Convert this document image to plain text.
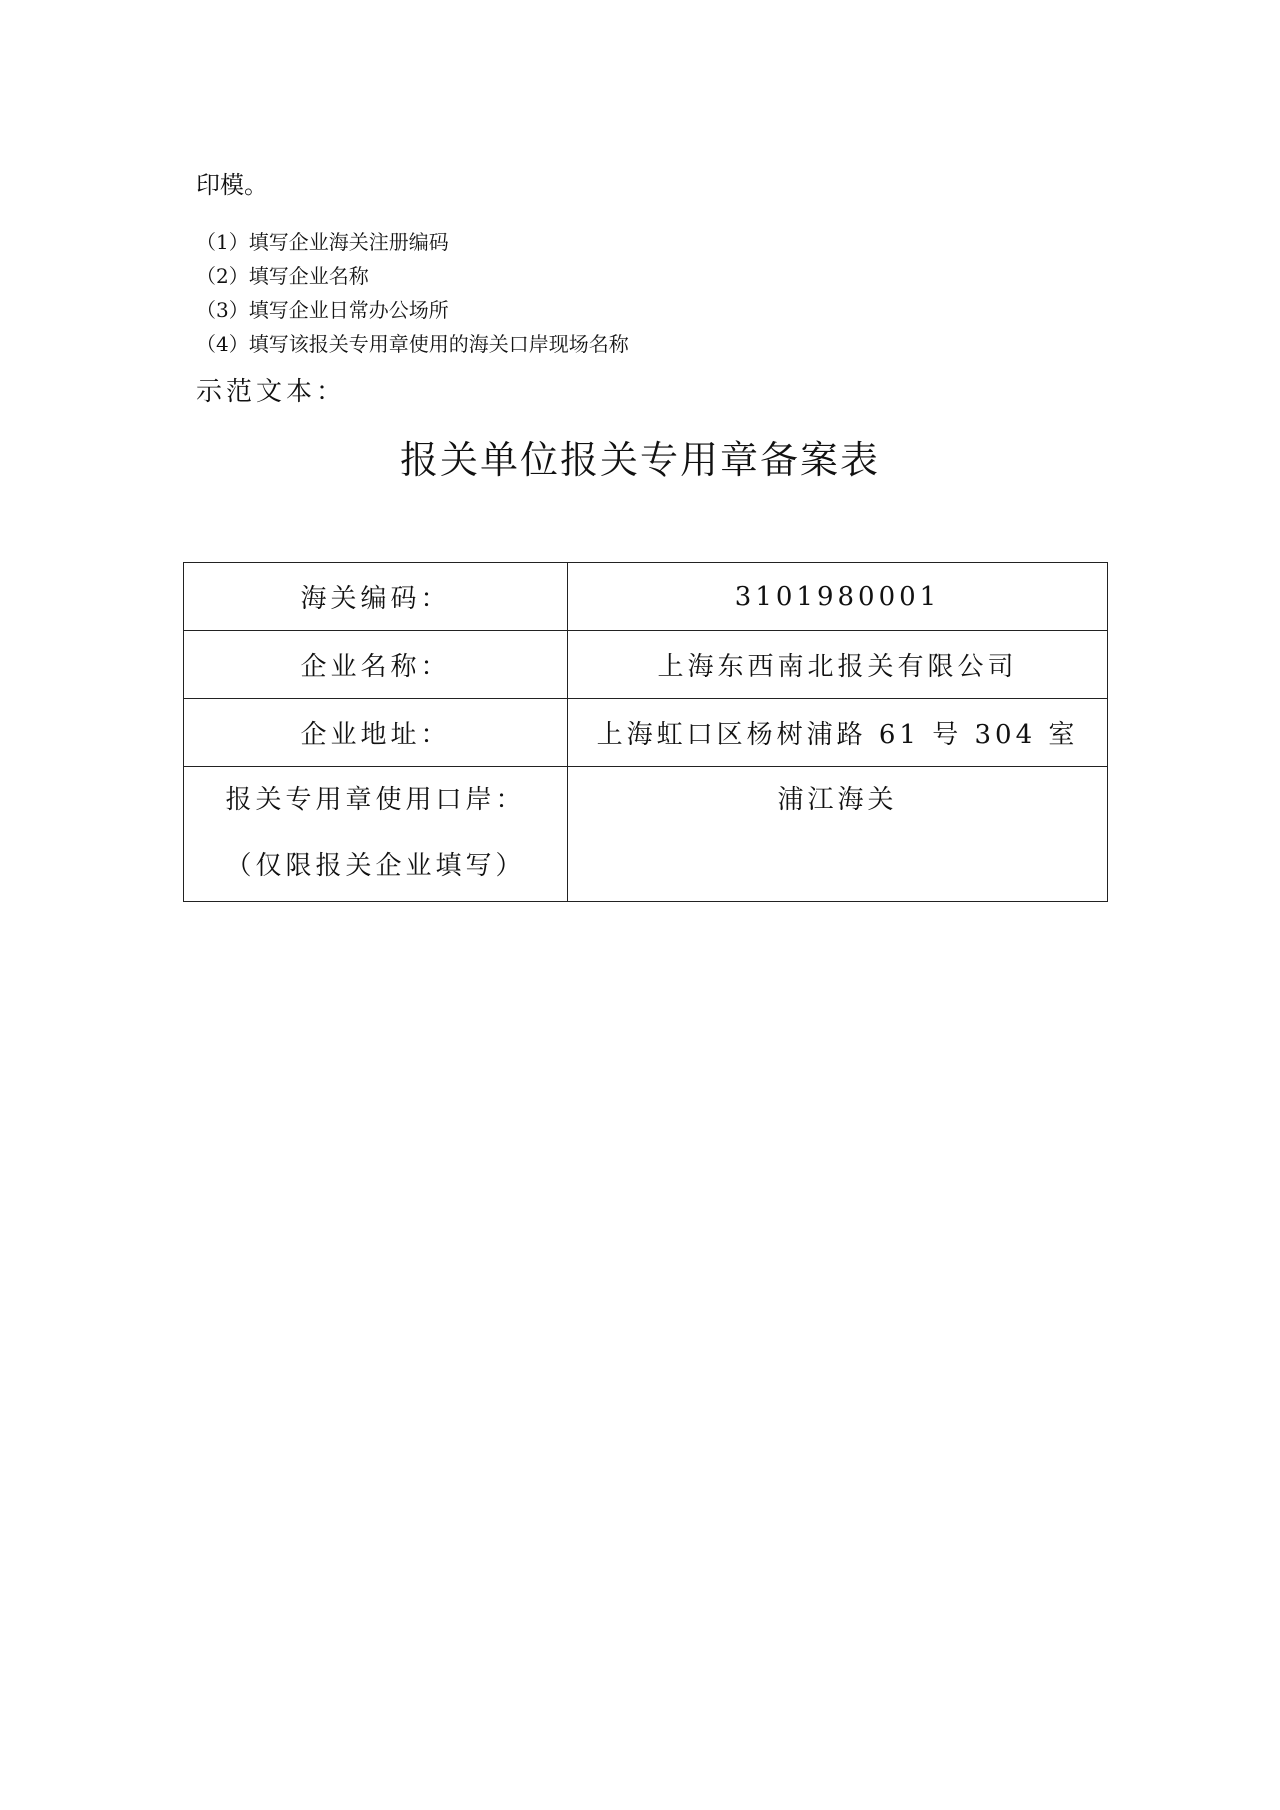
印模。
（1）填写企业海关注册编码
（2）填写企业名称
（3）填写企业日常办公场所
（4）填写该报关专用章使用的海关口岸现场名称
示范文本：
报关单位报关专用章备案表
海关编码：	3101980001
企业名称：	上海东西南北报关有限公司
企业地址：	上海虹口区杨树浦路 61 号 304 室

报关专用章使用口岸：
（仅限报关企业填写）	浦江海关
